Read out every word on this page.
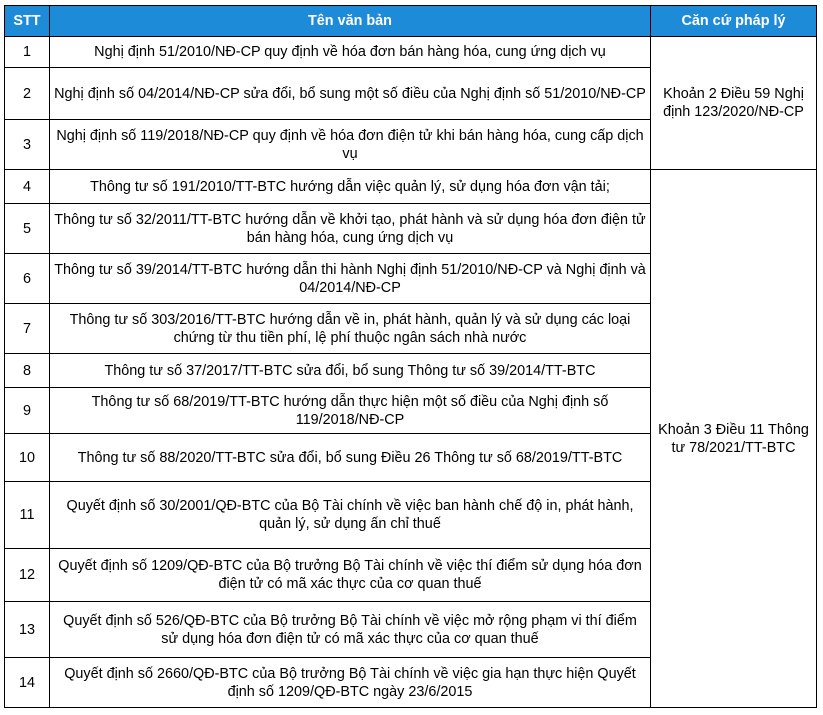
STT	Tên văn bản	Căn cứ pháp lý
1	Nghị định 51/2010/NĐ-CP quy định về hóa đơn bán hàng hóa, cung ứng dịch vụ	Khoản 2 Điều 59 Nghị định 123/2020/NĐ-CP
2	Nghị định số 04/2014/NĐ-CP sửa đổi, bổ sung một số điều của Nghị định số 51/2010/NĐ-CP	
3	Nghị định số 119/2018/NĐ-CP quy định về hóa đơn điện tử khi bán hàng hóa, cung cấp dịch vụ	
4	Thông tư số 191/2010/TT-BTC hướng dẫn việc quản lý, sử dụng hóa đơn vận tải;	Khoản 3 Điều 11 Thông tư 78/2021/TT-BTC
5	Thông tư số 32/2011/TT-BTC hướng dẫn về khởi tạo, phát hành và sử dụng hóa đơn điện tử bán hàng hóa, cung ứng dịch vụ	
6	Thông tư số 39/2014/TT-BTC hướng dẫn thi hành Nghị định 51/2010/NĐ-CP và Nghị định và 04/2014/NĐ-CP	
7	Thông tư số 303/2016/TT-BTC hướng dẫn về in, phát hành, quản lý và sử dụng các loại chứng từ thu tiền phí, lệ phí thuộc ngân sách nhà nước	
8	Thông tư số 37/2017/TT-BTC sửa đổi, bổ sung Thông tư số 39/2014/TT-BTC	
9	Thông tư số 68/2019/TT-BTC hướng dẫn thực hiện một số điều của Nghị định số 119/2018/NĐ-CP	
10	Thông tư số 88/2020/TT-BTC sửa đổi, bổ sung Điều 26 Thông tư số 68/2019/TT-BTC	
11	Quyết định số 30/2001/QĐ-BTC của Bộ Tài chính về việc ban hành chế độ in, phát hành, quản lý, sử dụng ấn chỉ thuế	
12	Quyết định số 1209/QĐ-BTC của Bộ trưởng Bộ Tài chính về việc thí điểm sử dụng hóa đơn điện tử có mã xác thực của cơ quan thuế	
13	Quyết định số 526/QĐ-BTC của Bộ trưởng Bộ Tài chính về việc mở rộng phạm vi thí điểm sử dụng hóa đơn điện tử có mã xác thực của cơ quan thuế	
14	Quyết định số 2660/QĐ-BTC của Bộ trưởng Bộ Tài chính về việc gia hạn thực hiện Quyết định số 1209/QĐ-BTC ngày 23/6/2015	
